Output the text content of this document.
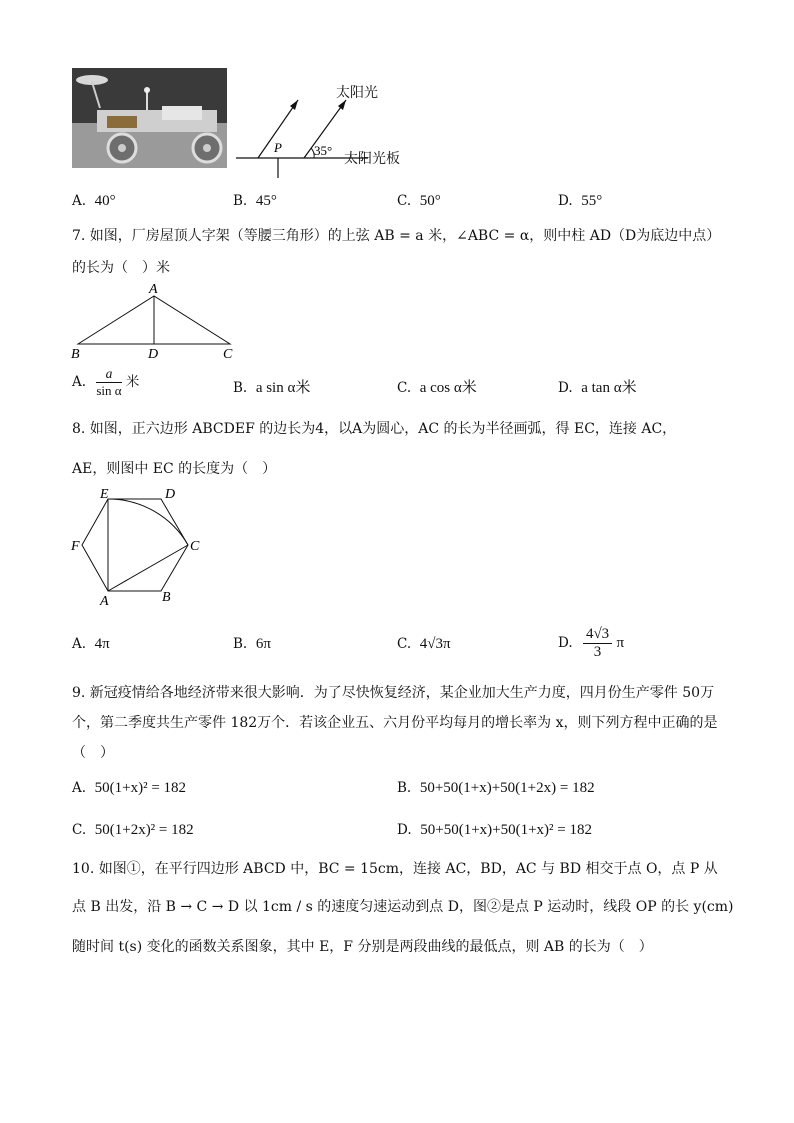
P 35°
太阳光
太阳光板
A. 40°	B. 45°	C. 50°	D. 55°
7. 如图，厂房屋顶人字架（等腰三角形）的上弦 AB = a 米，∠ABC = α，则中柱 AD（D为底边中点）
的长为（　）米
A
B	D	C
A. $\frac{a}{\text{sin α}}$ 米	B. a sin α米	C. a cos α米	D. a tan α米
8. 如图，正六边形 ABCDEF 的边长为4，以A为圆心，AC 的长为半径画弧，得 EC，连接 AC，
AE，则图中 EC 的长度为（　）
A	B
C
D
E
F
A. 4π	B. 6π	C. 4√3π	D. $\frac{4√3}{3}$ π
9. 新冠疫情给各地经济带来很大影响．为了尽快恢复经济，某企业加大生产力度，四月份生产零件 50万
个，第二季度共生产零件 182万个．若该企业五、六月份平均每月的增长率为 x，则下列方程中正确的是
（　）
A. 50(1+x)² = 182	B. 50+50(1+x)+50(1+2x) = 182
C. 50(1+2x)² = 182	D. 50+50(1+x)+50(1+x)² = 182
10. 如图①，在平行四边形 ABCD 中，BC = 15cm，连接 AC，BD，AC 与 BD 相交于点 O，点 P 从
点 B 出发，沿 B → C → D 以 1cm / s 的速度匀速运动到点 D，图②是点 P 运动时，线段 OP 的长 y(cm)
随时间 t(s) 变化的函数关系图象，其中 E，F 分别是两段曲线的最低点，则 AB 的长为（　）
